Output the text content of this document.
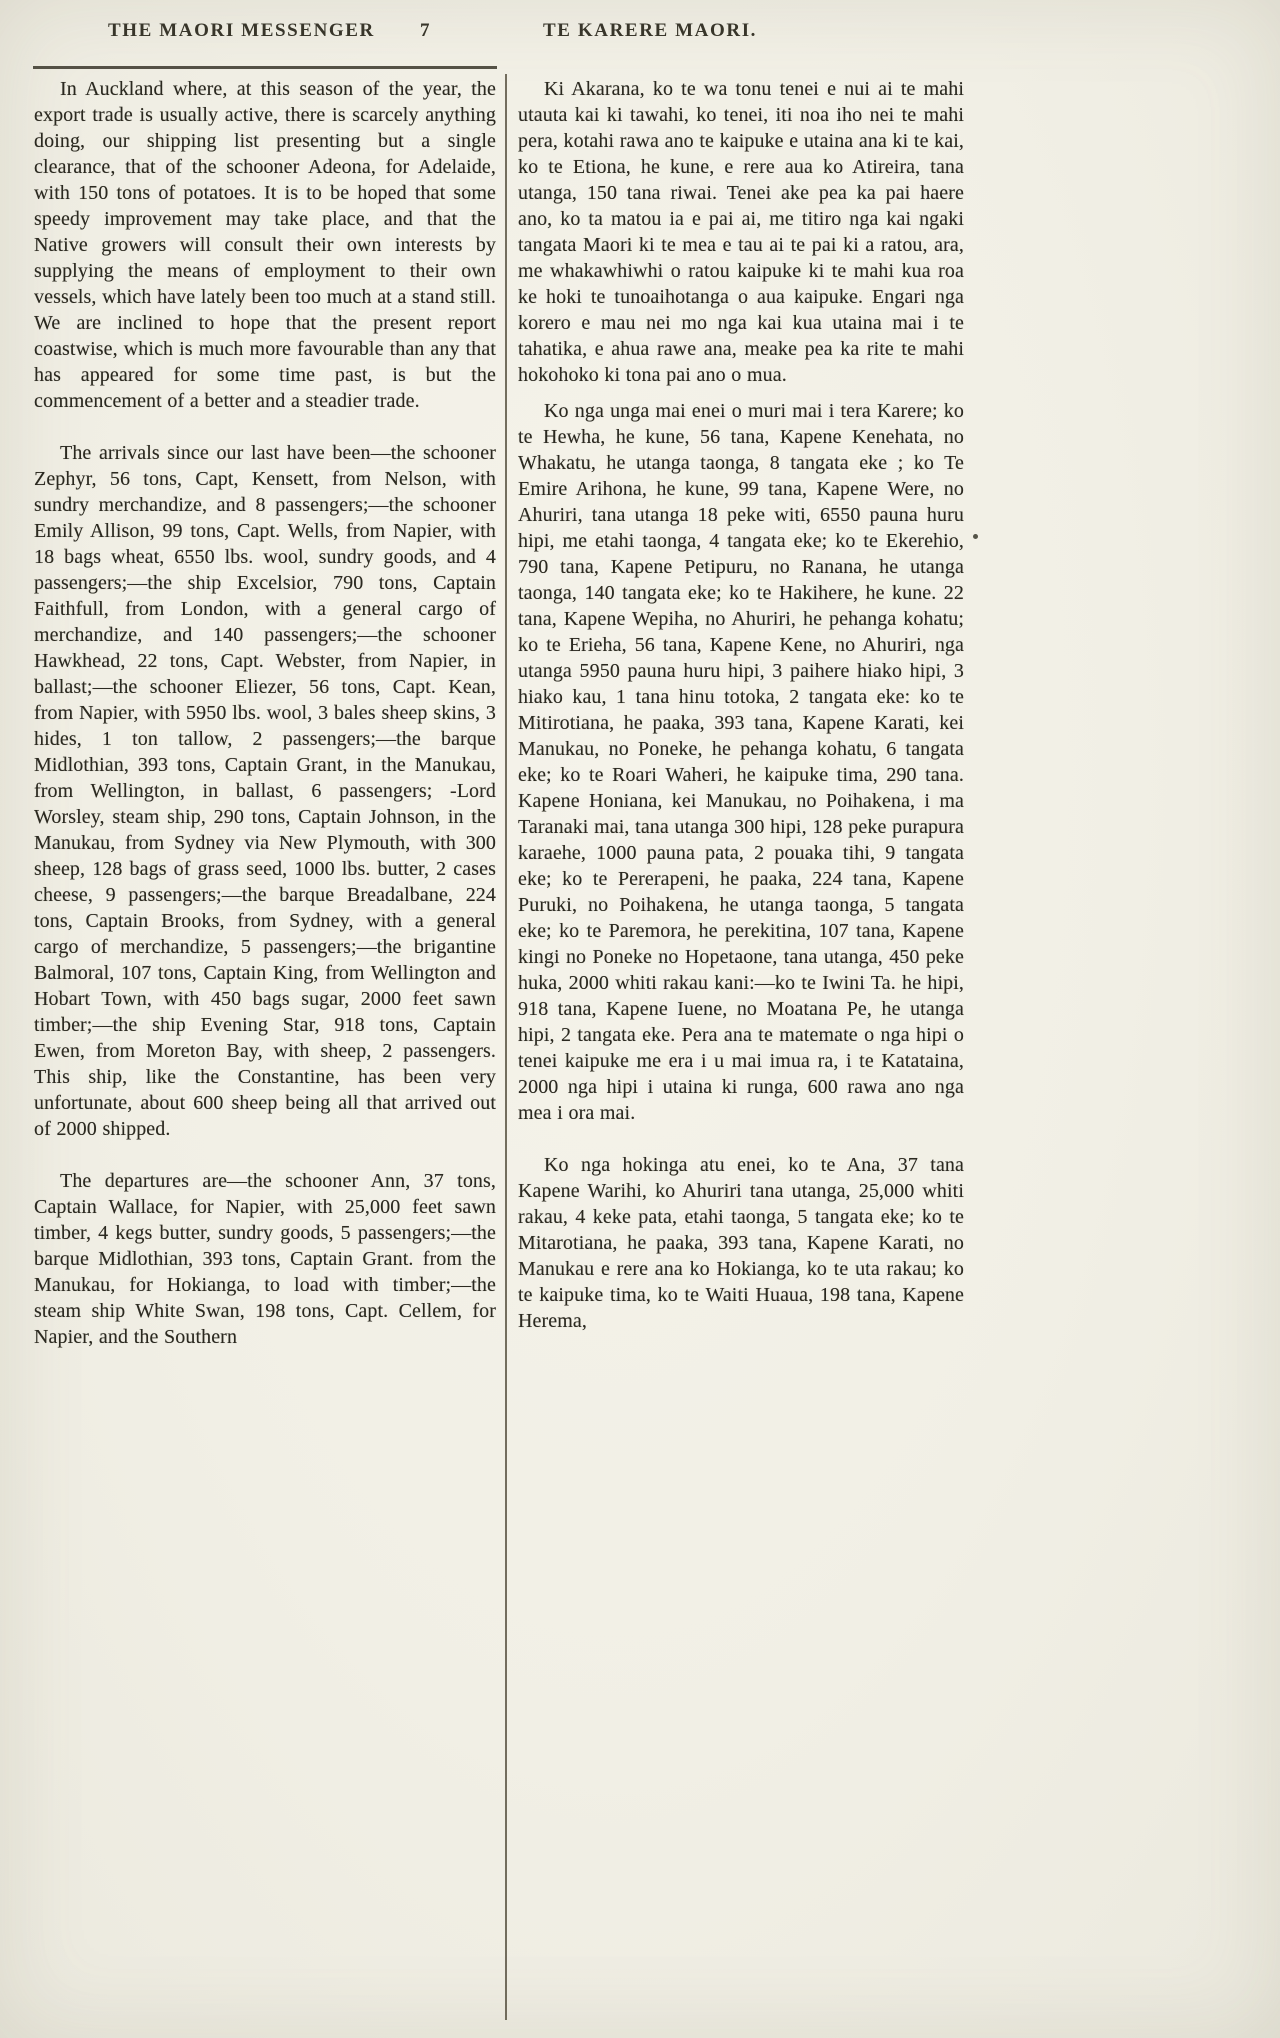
THE MAORI MESSENGER 7	TE KARERE MAORI.

In Auckland where, at this season of the year, the export trade is usually active, there is scarcely anything doing, our shipping list presenting but a single clearance, that of the schooner Adeona, for Adelaide, with 150 tons of potatoes. It is to be hoped that some speedy improvement may take place, and that the Native growers will consult their own interests by supplying the means of employment to their own vessels, which have lately been too much at a stand still. We are inclined to hope that the present report coastwise, which is much more favourable than any that has appeared for some time past, is but the commencement of a better and a steadier trade.

The arrivals since our last have been—the schooner Zephyr, 56 tons, Capt, Kensett, from Nelson, with sundry merchandize, and 8 passengers;—the schooner Emily Allison, 99 tons, Capt. Wells, from Napier, with 18 bags wheat, 6550 lbs. wool, sundry goods, and 4 passengers;—the ship Excelsior, 790 tons, Captain Faithfull, from London, with a general cargo of merchandize, and 140 passengers;—the schooner Hawkhead, 22 tons, Capt. Webster, from Napier, in ballast;—the schooner Eliezer, 56 tons, Capt. Kean, from Napier, with 5950 lbs. wool, 3 bales sheep skins, 3 hides, 1 ton tallow, 2 passengers;—the barque Midlothian, 393 tons, Captain Grant, in the Manukau, from Wellington, in ballast, 6 passengers; -Lord Worsley, steam ship, 290 tons, Captain Johnson, in the Manukau, from Sydney via New Plymouth, with 300 sheep, 128 bags of grass seed, 1000 lbs. butter, 2 cases cheese, 9 passengers;—the barque Breadalbane, 224 tons, Captain Brooks, from Sydney, with a general cargo of merchandize, 5 passengers;—the brigantine Balmoral, 107 tons, Captain King, from Wellington and Hobart Town, with 450 bags sugar, 2000 feet sawn timber;—the ship Evening Star, 918 tons, Captain Ewen, from Moreton Bay, with sheep, 2 passengers. This ship, like the Constantine, has been very unfortunate, about 600 sheep being all that arrived out of 2000 shipped.

The departures are—the schooner Ann, 37 tons, Captain Wallace, for Napier, with 25,000 feet sawn timber, 4 kegs butter, sundry goods, 5 passengers;—the barque Midlothian, 393 tons, Captain Grant. from the Manukau, for Hokianga, to load with timber;—the steam ship White Swan, 198 tons, Capt. Cellem, for Napier, and the Southern

Ki Akarana, ko te wa tonu tenei e nui ai te mahi utauta kai ki tawahi, ko tenei, iti noa iho nei te mahi pera, kotahi rawa ano te kaipuke e utaina ana ki te kai, ko te Etiona, he kune, e rere aua ko Atireira, tana utanga, 150 tana riwai. Tenei ake pea ka pai haere ano, ko ta matou ia e pai ai, me titiro nga kai ngaki tangata Maori ki te mea e tau ai te pai ki a ratou, ara, me whakawhiwhi o ratou kaipuke ki te mahi kua roa ke hoki te tunoaihotanga o aua kaipuke. Engari nga korero e mau nei mo nga kai kua utaina mai i te tahatika, e ahua rawe ana, meake pea ka rite te mahi hokohoko ki tona pai ano o mua.

Ko nga unga mai enei o muri mai i tera Karere; ko te Hewha, he kune, 56 tana, Kapene Kenehata, no Whakatu, he utanga taonga, 8 tangata eke ; ko Te Emire Arihona, he kune, 99 tana, Kapene Were, no Ahuriri, tana utanga 18 peke witi, 6550 pauna huru hipi, me etahi taonga, 4 tangata eke; ko te Ekerehio, 790 tana, Kapene Petipuru, no Ranana, he utanga taonga, 140 tangata eke; ko te Hakihere, he kune. 22 tana, Kapene Wepiha, no Ahuriri, he pehanga kohatu; ko te Erieha, 56 tana, Kapene Kene, no Ahuriri, nga utanga 5950 pauna huru hipi, 3 paihere hiako hipi, 3 hiako kau, 1 tana hinu totoka, 2 tangata eke: ko te Mitirotiana, he paaka, 393 tana, Kapene Karati, kei Manukau, no Poneke, he pehanga kohatu, 6 tangata eke; ko te Roari Waheri, he kaipuke tima, 290 tana. Kapene Honiana, kei Manukau, no Poihakena, i ma Taranaki mai, tana utanga 300 hipi, 128 peke purapura karaehe, 1000 pauna pata, 2 pouaka tihi, 9 tangata eke; ko te Pererapeni, he paaka, 224 tana, Kapene Puruki, no Poihakena, he utanga taonga, 5 tangata eke; ko te Paremora, he perekitina, 107 tana, Kapene kingi no Poneke no Hopetaone, tana utanga, 450 peke huka, 2000 whiti rakau kani:—ko te Iwini Ta. he hipi, 918 tana, Kapene Iuene, no Moatana Pe, he utanga hipi, 2 tangata eke. Pera ana te matemate o nga hipi o tenei kaipuke me era i u mai imua ra, i te Katataina, 2000 nga hipi i utaina ki runga, 600 rawa ano nga mea i ora mai.

Ko nga hokinga atu enei, ko te Ana, 37 tana Kapene Warihi, ko Ahuriri tana utanga, 25,000 whiti rakau, 4 keke pata, etahi taonga, 5 tangata eke; ko te Mitarotiana, he paaka, 393 tana, Kapene Karati, no Manukau e rere ana ko Hokianga, ko te uta rakau; ko te kaipuke tima, ko te Waiti Huaua, 198 tana, Kapene Herema,
